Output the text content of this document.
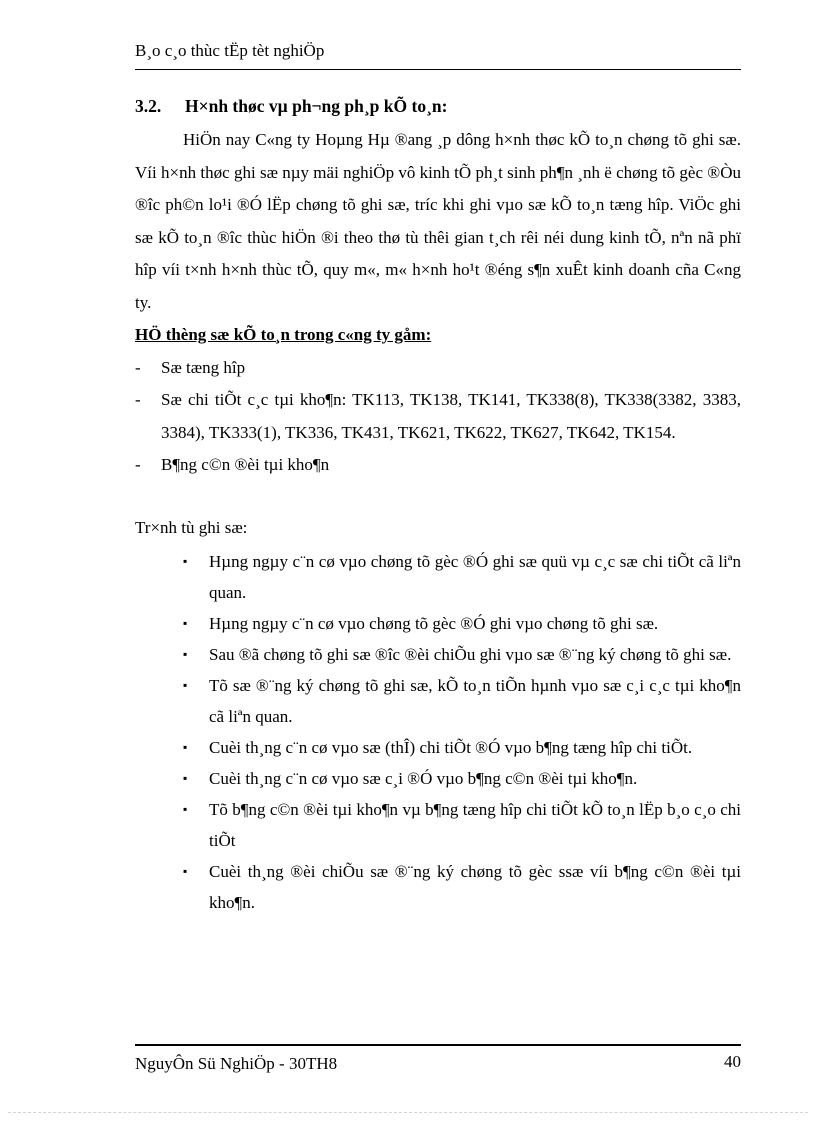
B¸o c¸o thùc tËp tèt nghiÖp
3.2.	H×nh thøc vµ ph¬ng ph¸p kÕ to¸n:

HiÖn nay C«ng ty Hoµng Hµ ®ang ¸p dông h×nh thøc kÕ to¸n chøng tõ ghi sæ. Víi h×nh thøc ghi sæ nµy mäi nghiÖp vô kinh tÕ ph¸t sinh ph¶n ¸nh ë chøng tõ gèc ®Òu ®îc ph©n lo¹i ®Ó lËp chøng tõ ghi sæ, tríc khi ghi vµo sæ kÕ to¸n tæng hîp. ViÖc ghi sæ kÕ to¸n ®îc thùc hiÖn ®i theo thø tù thêi gian t¸ch rêi néi dung kinh tÕ, nªn nã phï hîp víi t×nh h×nh thùc tÕ, quy m«, m« h×nh ho¹t ®éng s¶n xuÊt kinh doanh cña C«ng ty.

HÖ thèng sæ kÕ to¸n trong c«ng ty gåm:
-	Sæ tæng hîp
-	Sæ chi tiÕt c¸c tµi kho¶n: TK113, TK138, TK141, TK338(8), TK338(3382, 3383, 3384), TK333(1), TK336, TK431, TK621, TK622, TK627, TK642, TK154.
-	B¶ng c©n ®èi tµi kho¶n
Tr×nh tù ghi sæ:
▪	Hµng ngµy c¨n cø vµo chøng tõ gèc ®Ó ghi sæ quü vµ c¸c sæ chi tiÕt cã liªn quan.
▪	Hµng ngµy c¨n cø vµo chøng tõ gèc ®Ó ghi vµo chøng tõ ghi sæ.
▪	Sau ®ã chøng tõ ghi sæ ®îc ®èi chiÕu ghi vµo sæ ®¨ng ký chøng tõ ghi sæ.
▪	Tõ sæ ®¨ng ký chøng tõ ghi sæ, kÕ to¸n tiÕn hµnh vµo sæ c¸i c¸c tµi kho¶n cã liªn quan.
▪	Cuèi th¸ng c¨n cø vµo sæ (thÎ) chi tiÕt ®Ó vµo b¶ng tæng hîp chi tiÕt.
▪	Cuèi th¸ng c¨n cø vµo sæ c¸i ®Ó vµo b¶ng c©n ®èi tµi kho¶n.
▪	Tõ b¶ng c©n ®èi tµi kho¶n vµ b¶ng tæng hîp chi tiÕt kÕ to¸n lËp b¸o c¸o chi tiÕt
▪	Cuèi th¸ng ®èi chiÕu sæ ®¨ng ký chøng tõ gèc ssæ víi b¶ng c©n ®èi tµi kho¶n.
NguyÔn Sü NghiÖp - 30TH8	40
